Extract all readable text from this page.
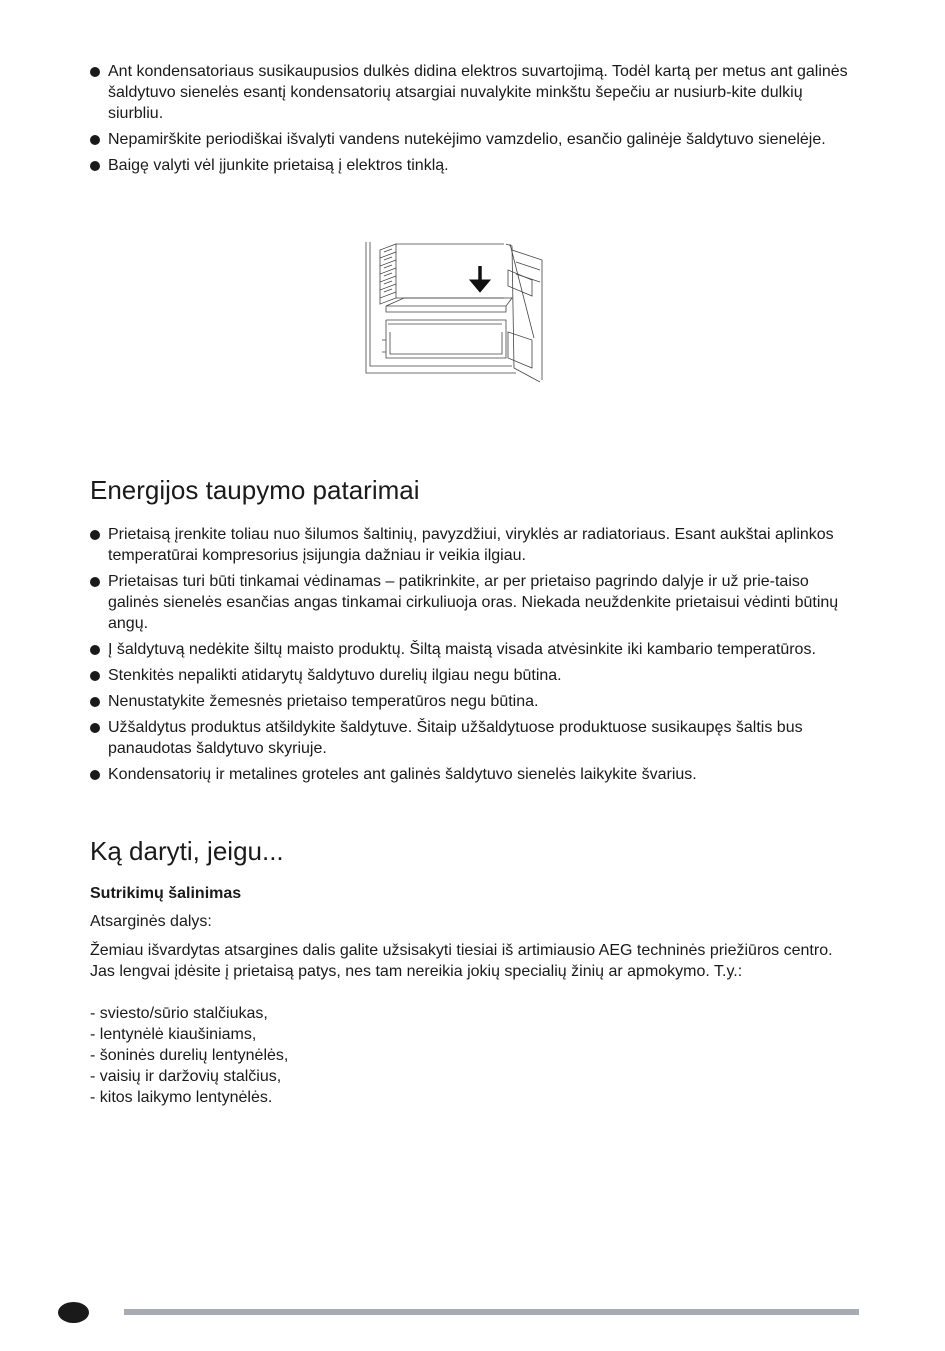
Ant kondensatoriaus susikaupusios dulkės didina elektros suvartojimą. Todėl kartą per metus ant galinės šaldytuvo sienelės esantį kondensatorių atsargiai nuvalykite minkštu šepečiu ar nusiurb-kite dulkių siurbliu.
Nepamirškite periodiškai išvalyti vandens nutekėjimo vamzdelio, esančio galinėje šaldytuvo sienelėje.
Baigę valyti vėl įjunkite prietaisą į elektros tinklą.
Energijos taupymo patarimai
Prietaisą įrenkite toliau nuo šilumos šaltinių, pavyzdžiui, viryklės ar radiatoriaus. Esant aukštai aplinkos temperatūrai kompresorius įsijungia dažniau ir veikia ilgiau.
Prietaisas turi būti tinkamai vėdinamas – patikrinkite, ar per prietaiso pagrindo dalyje ir už prie-taiso galinės sienelės esančias angas tinkamai cirkuliuoja oras. Niekada neuždenkite prietaisui vėdinti būtinų angų.
Į šaldytuvą nedėkite šiltų maisto produktų. Šiltą maistą visada atvėsinkite iki kambario temperatūros.
Stenkitės nepalikti atidarytų šaldytuvo durelių ilgiau negu būtina.
Nenustatykite žemesnės prietaiso temperatūros negu būtina.
Užšaldytus produktus atšildykite šaldytuve. Šitaip užšaldytuose produktuose susikaupęs šaltis bus panaudotas šaldytuvo skyriuje.
Kondensatorių ir metalines groteles ant galinės šaldytuvo sienelės laikykite švarius.
Ką daryti, jeigu...

Sutrikimų šalinimas

Atsarginės dalys:

Žemiau išvardytas atsargines dalis galite užsisakyti tiesiai iš artimiausio AEG techninės priežiūros centro. Jas lengvai įdėsite į prietaisą patys, nes tam nereikia jokių specialių žinių ar apmokymo. T.y.:

- sviesto/sūrio stalčiukas,
- lentynėlė kiaušiniams,
- šoninės durelių lentynėlės,
- vaisių ir daržovių stalčius,
- kitos laikymo lentynėlės.
